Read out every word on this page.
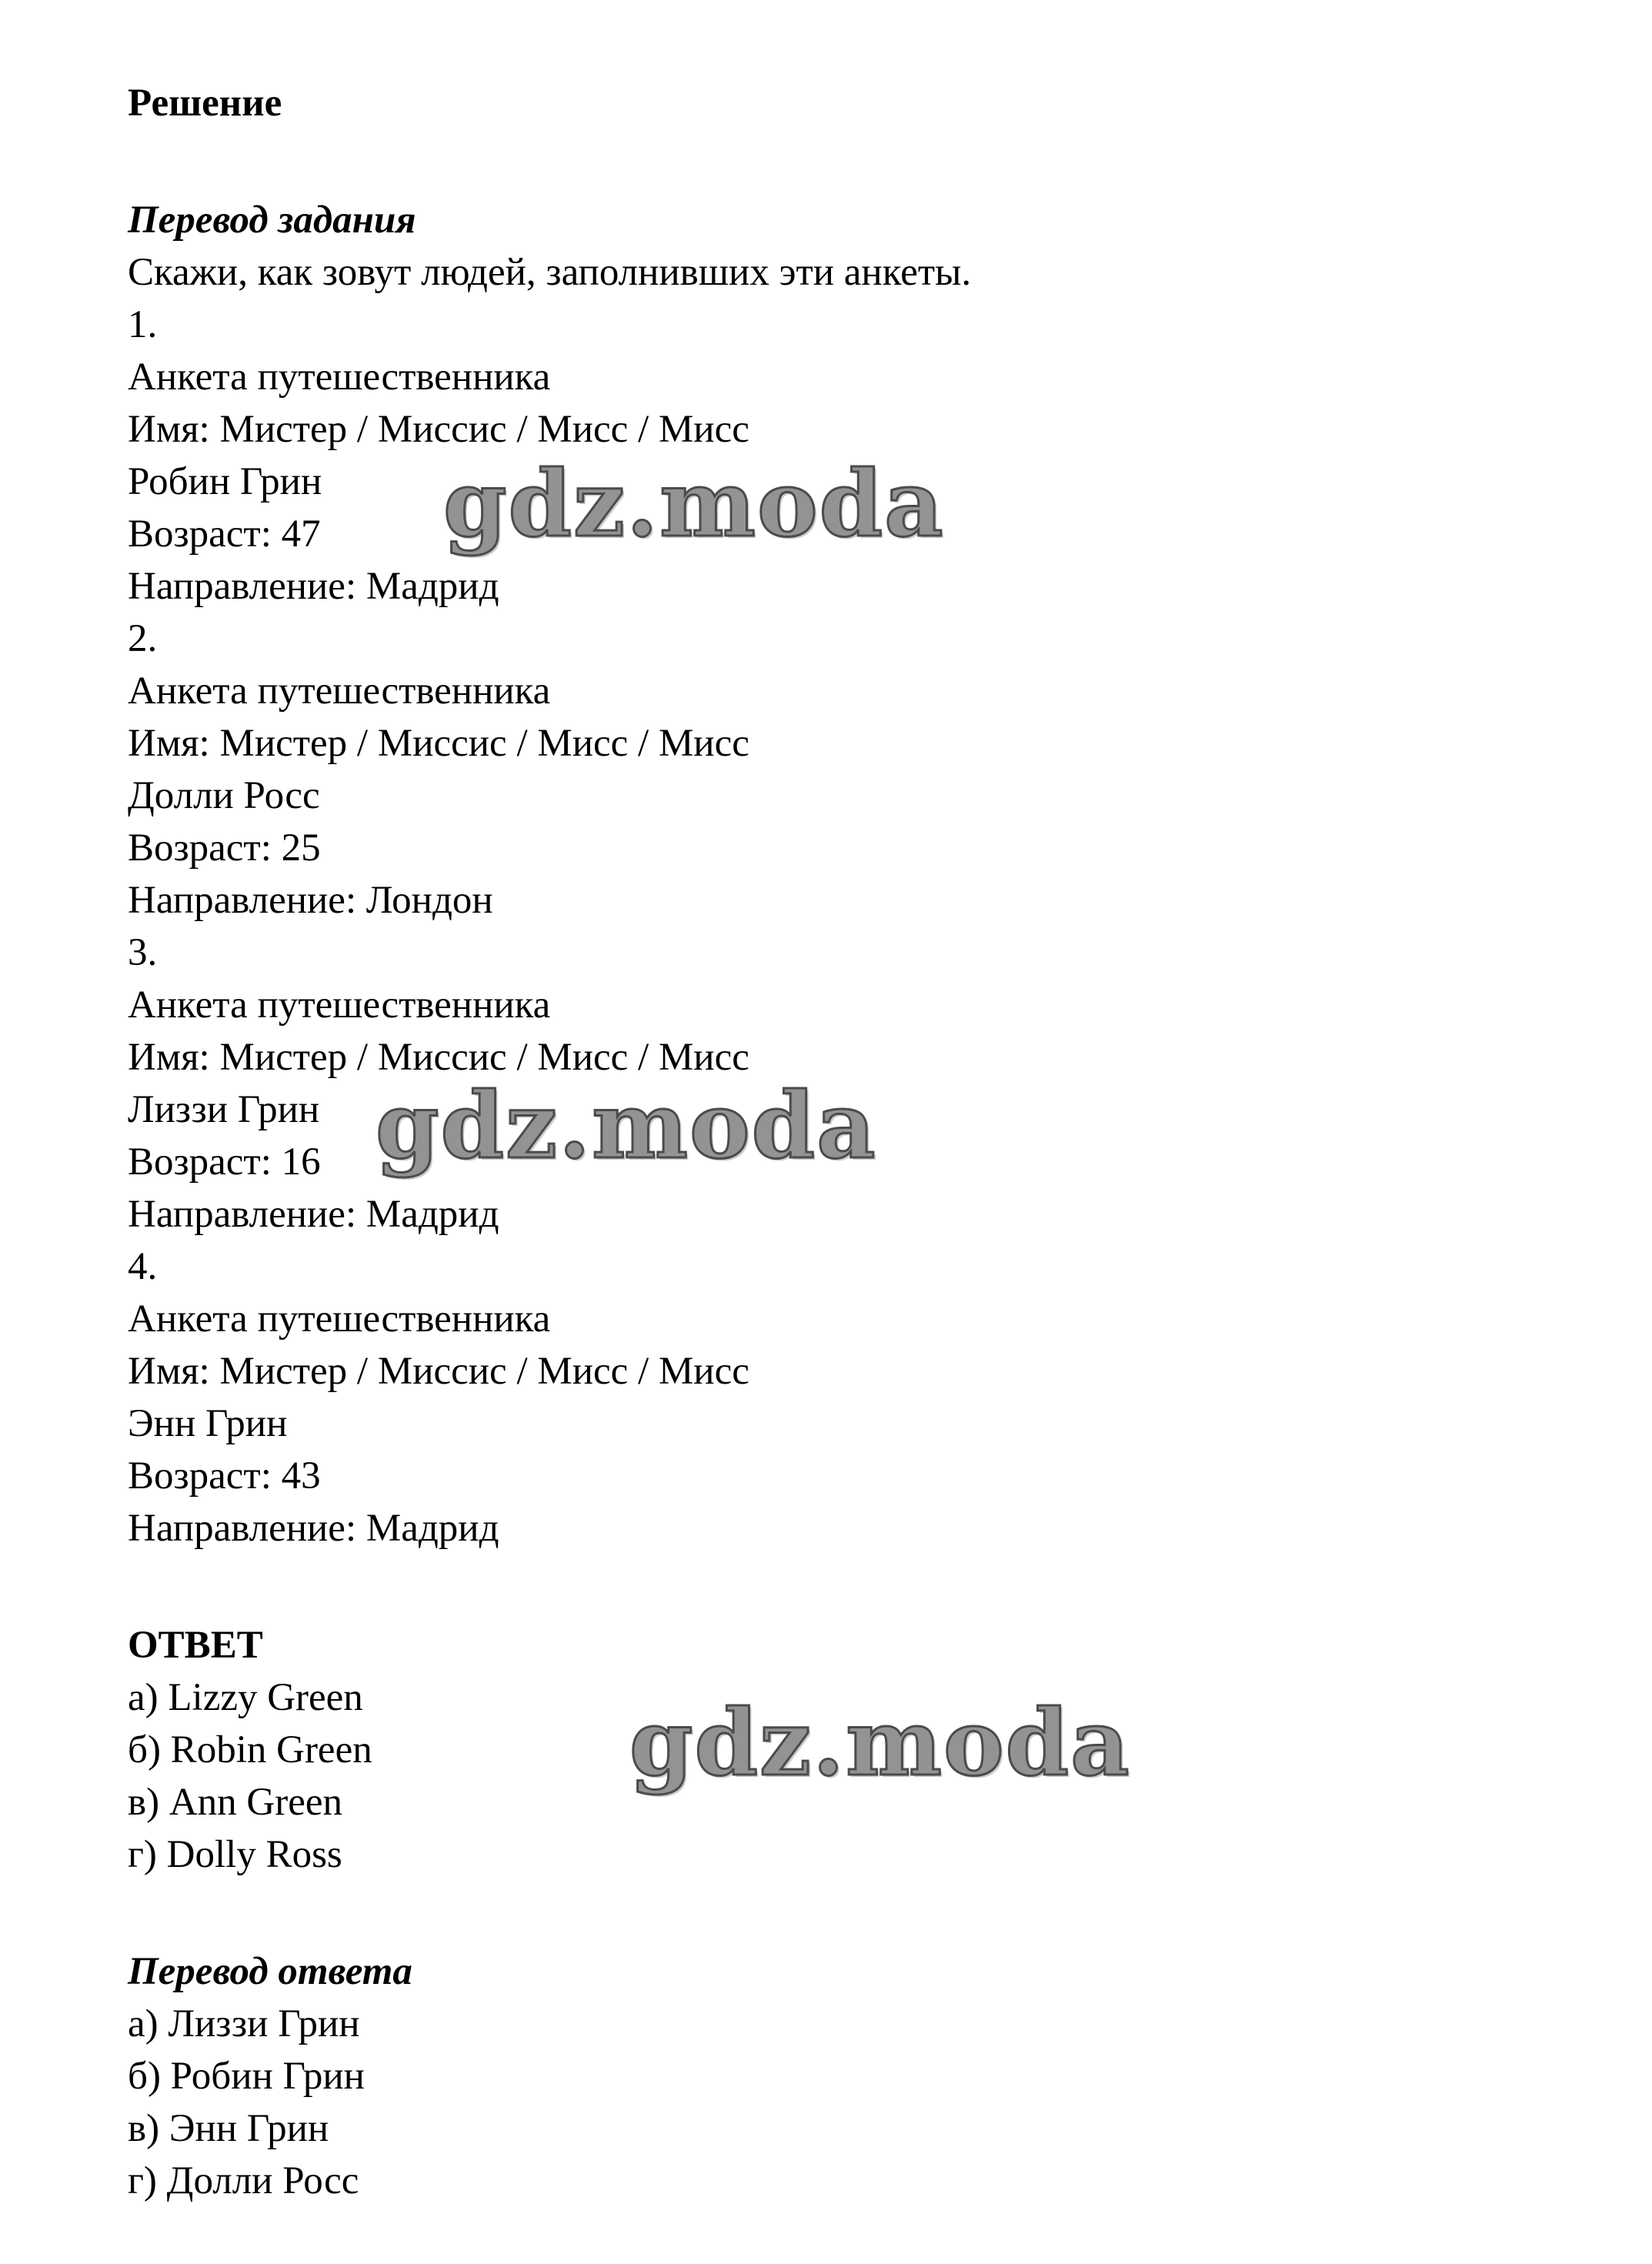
Решение
Перевод задания
Скажи, как зовут людей, заполнивших эти анкеты.
1.
Анкета путешественника
Имя: Мистер / Миссис / Мисс / Мисс
Робин Грин
Возраст: 47
Направление: Мадрид
2.
Анкета путешественника
Имя: Мистер / Миссис / Мисс / Мисс
Долли Росс
Возраст: 25
Направление: Лондон
3.
Анкета путешественника
Имя: Мистер / Миссис / Мисс / Мисс
Лиззи Грин
Возраст: 16
Направление: Мадрид
4.
Анкета путешественника
Имя: Мистер / Миссис / Мисс / Мисс
Энн Грин
Возраст: 43
Направление: Мадрид
ОТВЕТ
а) Lizzy Green
б) Robin Green
в) Ann Green
г) Dolly Ross
Перевод ответа
а) Лиззи Грин
б) Робин Грин
в) Энн Грин
г) Долли Росс
gdz.moda
gdz.moda
gdz.moda
